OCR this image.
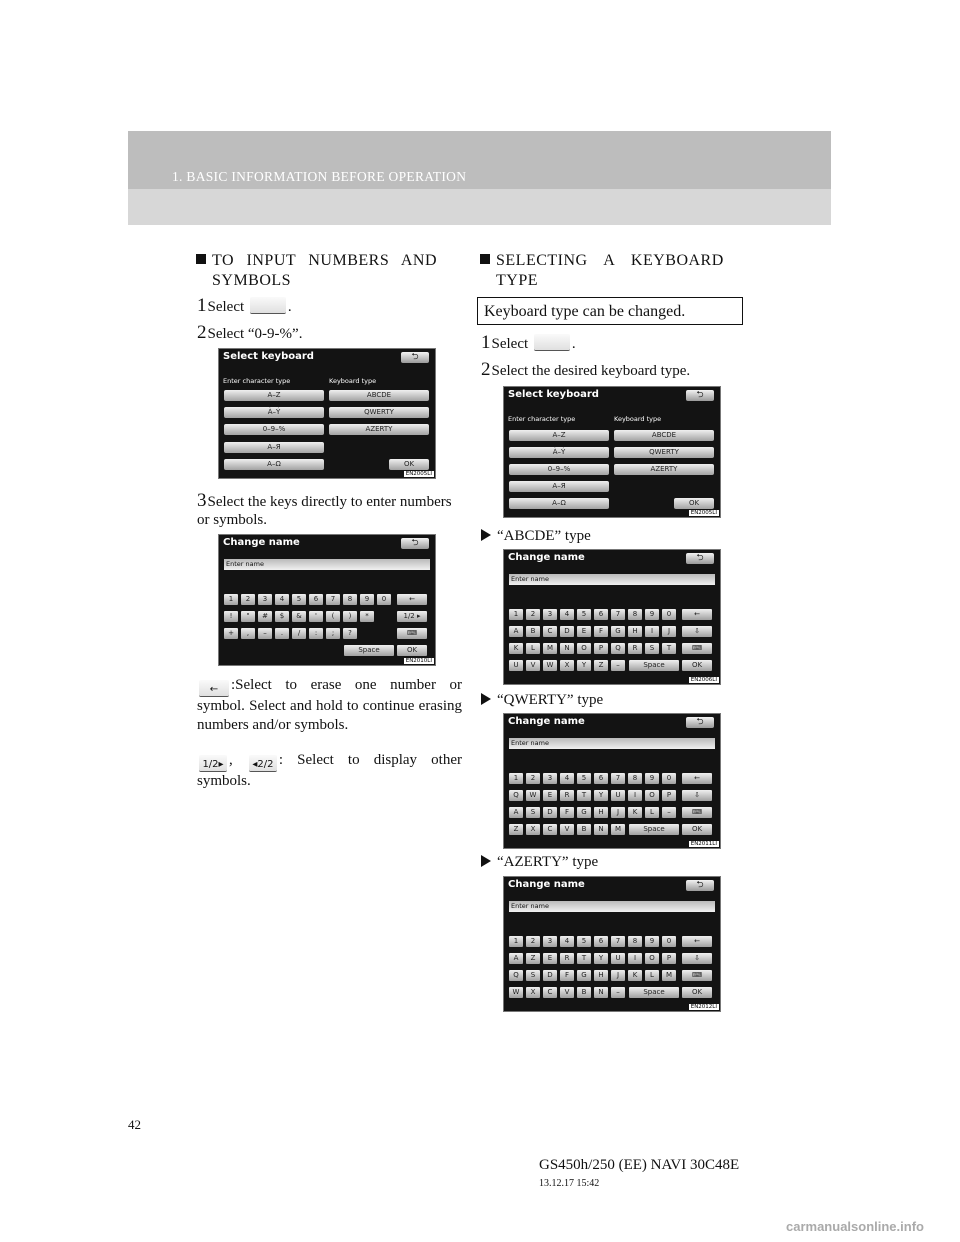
1. BASIC INFORMATION BEFORE OPERATION
TO INPUT NUMBERS AND
SYMBOLS
1Select	.
2Select “0-9-%”.
Select keyboard	⮌
Enter character type	Keyboard type
A–Z
À–Ý
0–9–%
А–Я
Α–Ω
ABCDE
QWERTY
AZERTY
OK
EN2005LI
3Select the keys directly to enter numbers or symbols.
Change name	⮌
Enter name
EN2010LI
1	2	3	4	5	6	7	8	9	0
!	"	#	$	&	'	(	)	*
+	,	–	.	/	:	;	?
←
1/2 ▸
⌨
Space	OK
← :Select to erase one number or symbol. Select and hold to continue erasing numbers and/or symbols.
1/2▸ , ◂2/2 : Select to display other symbols.
SELECTING A KEYBOARD
TYPE
Keyboard type can be changed.
1Select	.
2Select the desired keyboard type.
Select keyboard	⮌
Enter character type	Keyboard type
A–Z
À–Ý
0–9–%
А–Я
Α–Ω
ABCDE
QWERTY
AZERTY
OK
EN2005LI
“ABCDE” type
Change name	⮌
Enter name
1	2	3	4	5	6	7	8	9	0
A	B	C	D	E	F	G	H	I	J
K	L	M	N	O	P	Q	R	S	T
U	V	W	X	Y	Z	–
←
⇩
⌨
Space	OK
EN2006LI
“QWERTY” type
Change name	⮌
Enter name
1	2	3	4	5	6	7	8	9	0
Q	W	E	R	T	Y	U	I	O	P
A	S	D	F	G	H	J	K	L	–
Z	X	C	V	B	N	M
←
⇩
⌨
Space	OK
EN2011LI
“AZERTY” type
Change name	⮌
Enter name
1	2	3	4	5	6	7	8	9	0
A	Z	E	R	T	Y	U	I	O	P
Q	S	D	F	G	H	J	K	L	M
W	X	C	V	B	N	–
←
⇩
⌨
Space	OK
EN2012LI
42
GS450h/250 (EE) NAVI 30C48E
13.12.17 15:42
carmanualsonline.info
